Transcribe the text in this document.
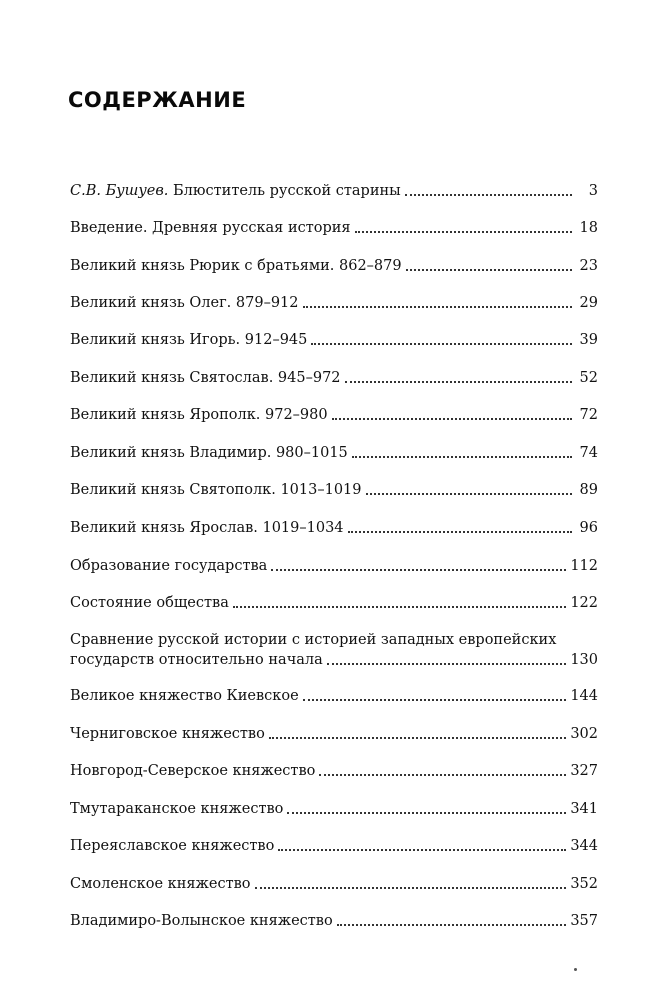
СОДЕРЖАНИЕ
С.В. Бушуев. Блюститель русской старины	3
Введение. Древняя русская история	18
Великий князь Рюрик с братьями. 862–879	23
Великий князь Олег. 879–912	29
Великий князь Игорь. 912–945	39
Великий князь Святослав. 945–972	52
Великий князь Ярополк. 972–980	72
Великий князь Владимир. 980–1015	74
Великий князь Святополк. 1013–1019	89
Великий князь Ярослав. 1019–1034	96
Образование государства	112
Состояние общества	122
Сравнение русской истории с историей западных европейских
государств относительно начала	130
Великое княжество Киевское	144
Черниговское княжество	302
Новгород-Северское княжество	327
Тмутараканское княжество	341
Переяславское княжество	344
Смоленское княжество	352
Владимиро-Волынское княжество	357
